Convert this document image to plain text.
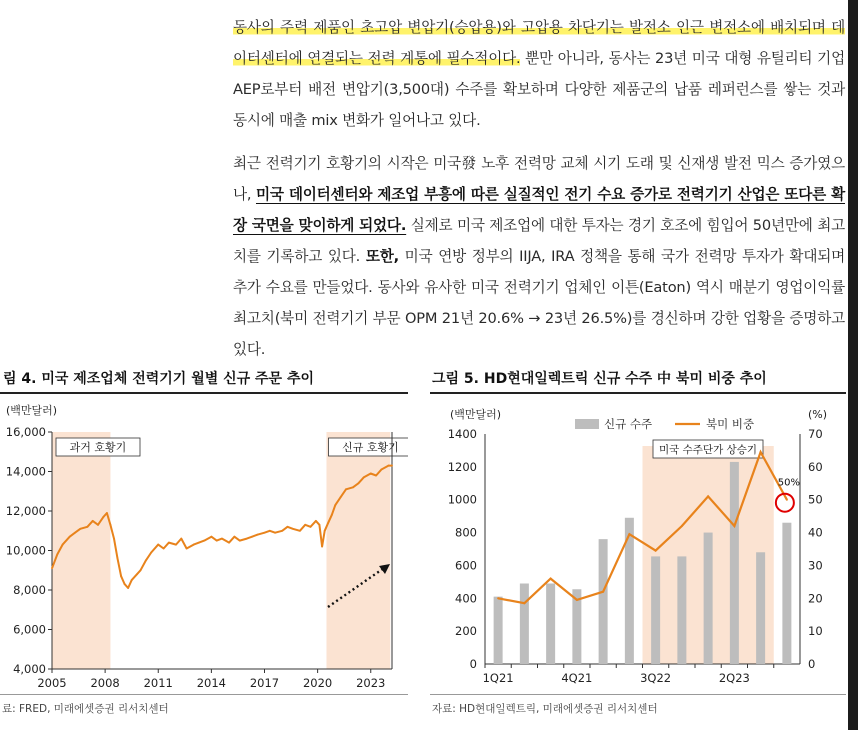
동사의 주력 제품인 초고압 변압기(승압용)와 고압용 차단기는 발전소 인근 변전소에 배치되며 데이터센터에 연결되는 전력 계통에 필수적이다. 뿐만 아니라, 동사는 23년 미국 대형 유틸리티 기업 AEP로부터 배전 변압기(3,500대) 수주를 확보하며 다양한 제품군의 납품 레퍼런스를 쌓는 것과 동시에 매출 mix 변화가 일어나고 있다.

최근 전력기기 호황기의 시작은 미국發 노후 전력망 교체 시기 도래 및 신재생 발전 믹스 증가였으나, 미국 데이터센터와 제조업 부흥에 따른 실질적인 전기 수요 증가로 전력기기 산업은 또다른 확장 국면을 맞이하게 되었다. 실제로 미국 제조업에 대한 투자는 경기 호조에 힘입어 50년만에 최고치를 기록하고 있다. 또한, 미국 연방 정부의 IIJA, IRA 정책을 통해 국가 전력망 투자가 확대되며 추가 수요를 만들었다. 동사와 유사한 미국 전력기기 업체인 이튼(Eaton) 역시 매분기 영업이익률 최고치(북미 전력기기 부문 OPM 21년 20.6% → 23년 26.5%)를 경신하며 강한 업황을 증명하고 있다.

림 4. 미국 제조업체 전력기기 월별 신규 주문 추이
과거 호황기	신규 호황기
(백만달러)
4,000
6,000
8,000
10,000
12,000
14,000
16,000
2005 2008 2011 2014 2017 2020 2023
료: FRED, 미래에셋증권 리서치센터
그림 5. HD현대일렉트릭 신규 수주 中 북미 비중 추이
미국 수주단가 상승기
(백만달러)	(%)
0
200
400
600
800
1000
1200
1400
0
10
20
30
40
50
60
70
1Q21	4Q21	3Q22	2Q23
50%
신규 수주	북미 비중
자료: HD현대일렉트릭, 미래에셋증권 리서치센터
